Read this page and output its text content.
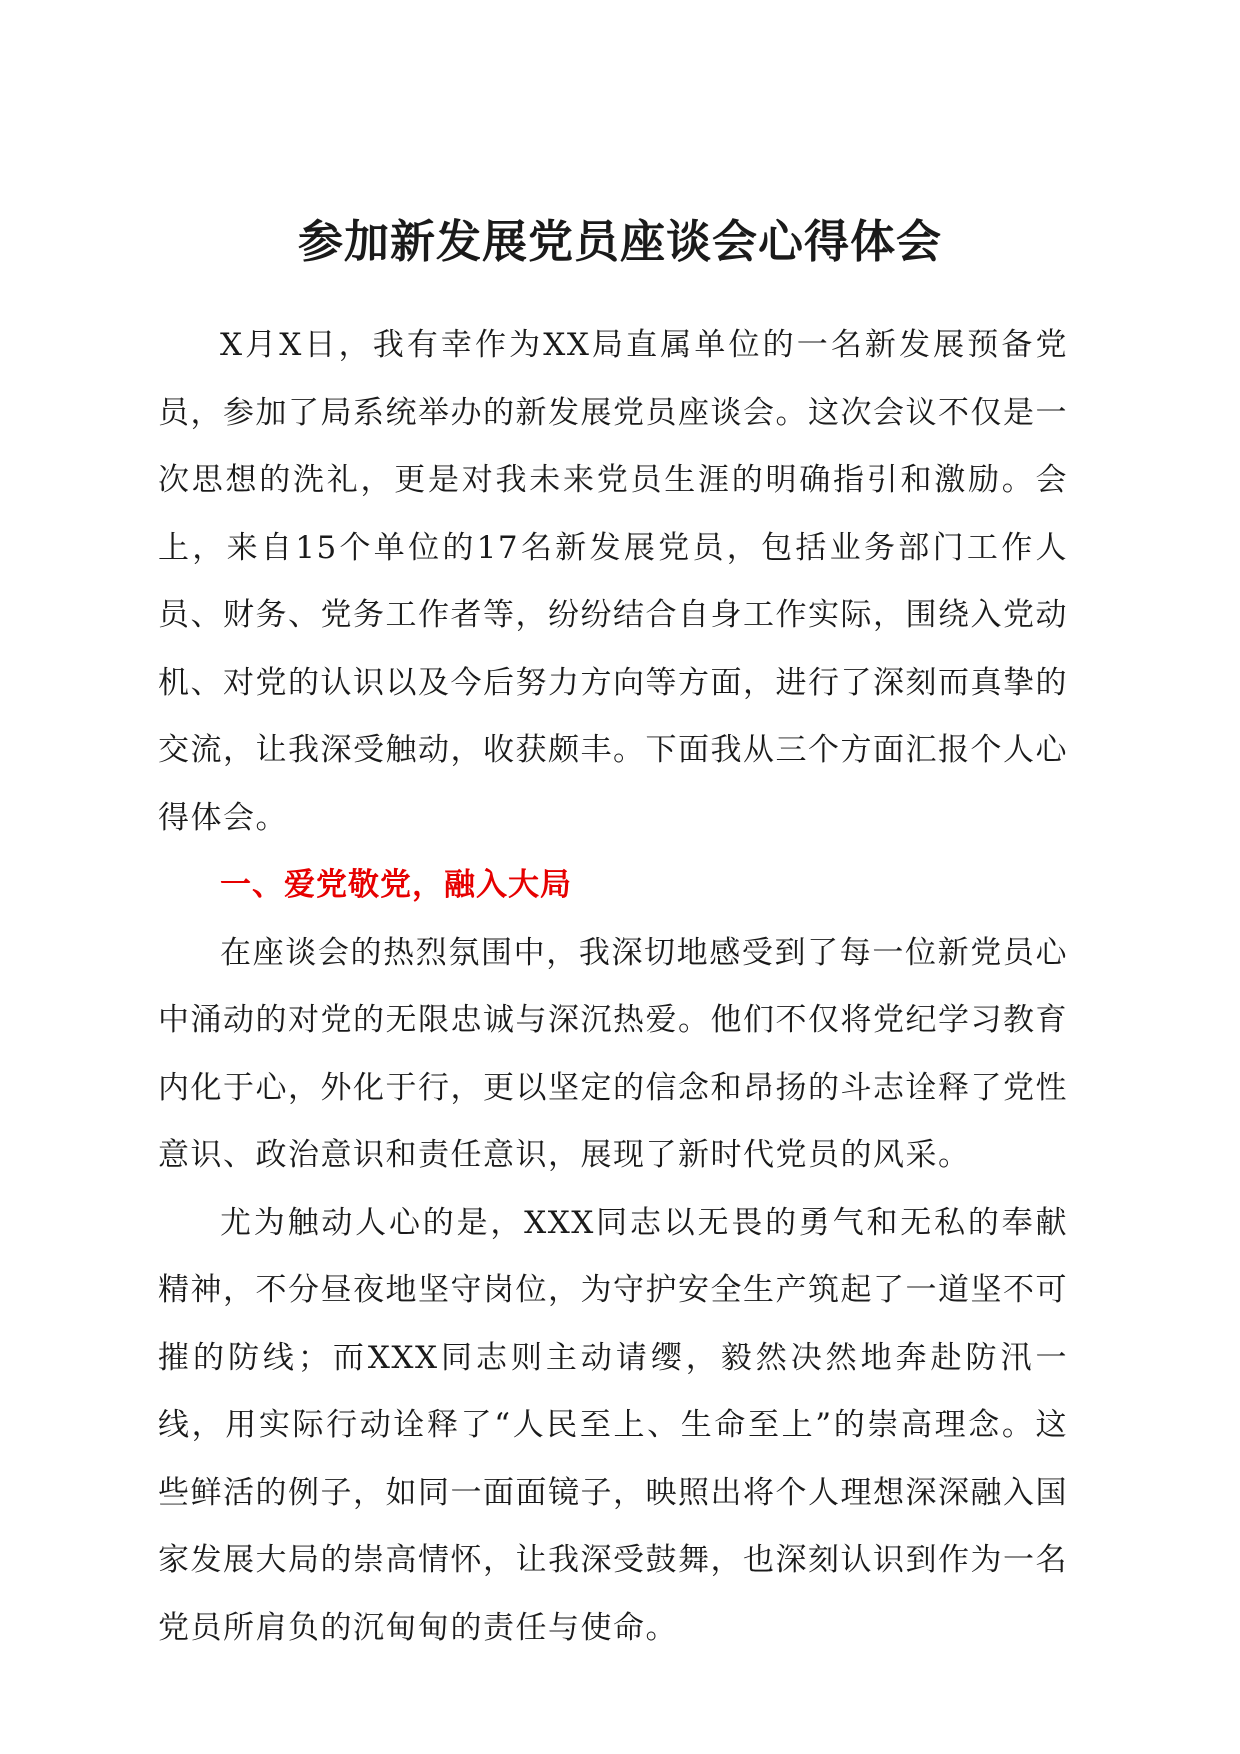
参加新发展党员座谈会心得体会

X月X日，我有幸作为XX局直属单位的一名新发展预备党员，参加了局系统举办的新发展党员座谈会。这次会议不仅是一次思想的洗礼，更是对我未来党员生涯的明确指引和激励。会上，来自15个单位的17名新发展党员，包括业务部门工作人员、财务、党务工作者等，纷纷结合自身工作实际，围绕入党动机、对党的认识以及今后努力方向等方面，进行了深刻而真挚的交流，让我深受触动，收获颇丰。下面我从三个方面汇报个人心得体会。

一、爱党敬党，融入大局

在座谈会的热烈氛围中，我深切地感受到了每一位新党员心中涌动的对党的无限忠诚与深沉热爱。他们不仅将党纪学习教育内化于心，外化于行，更以坚定的信念和昂扬的斗志诠释了党性意识、政治意识和责任意识，展现了新时代党员的风采。

尤为触动人心的是，XXX同志以无畏的勇气和无私的奉献精神，不分昼夜地坚守岗位，为守护安全生产筑起了一道坚不可摧的防线；而XXX同志则主动请缨，毅然决然地奔赴防汛一线，用实际行动诠释了“人民至上、生命至上”的崇高理念。这些鲜活的例子，如同一面面镜子，映照出将个人理想深深融入国家发展大局的崇高情怀，让我深受鼓舞，也深刻认识到作为一名党员所肩负的沉甸甸的责任与使命。
